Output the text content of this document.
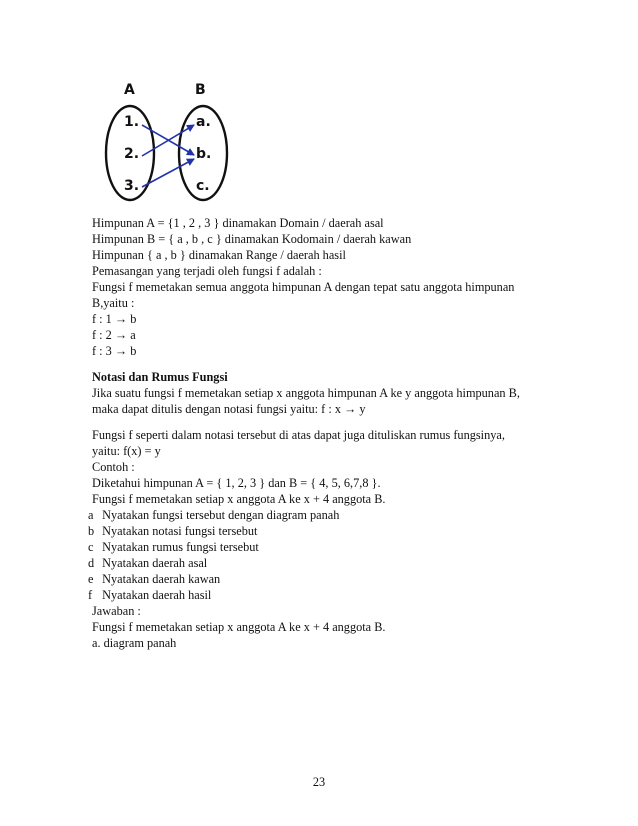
A	B
1.
2.
3.
a.
b.
c.
Himpunan A = {1 , 2 , 3 } dinamakan Domain / daerah asal
Himpunan B = { a , b , c } dinamakan Kodomain / daerah kawan
Himpunan { a , b } dinamakan Range / daerah hasil
Pemasangan yang terjadi oleh fungsi f adalah :
Fungsi f memetakan semua anggota himpunan A dengan tepat satu anggota himpunan
B,yaitu :
f : 1 → b
f : 2 → a
f : 3 → b
Notasi dan Rumus Fungsi
Jika suatu fungsi f memetakan setiap x anggota himpunan A ke y anggota himpunan B,
maka dapat ditulis dengan notasi fungsi yaitu: f : x → y
Fungsi f seperti dalam notasi tersebut di atas dapat juga dituliskan rumus fungsinya,
yaitu: f(x) = y
Contoh :
Diketahui himpunan A = { 1, 2, 3 } dan B = { 4, 5, 6,7,8 }.
Fungsi f memetakan setiap x anggota A ke x + 4 anggota B.
a Nyatakan fungsi tersebut dengan diagram panah
b Nyatakan notasi fungsi tersebut
c Nyatakan rumus fungsi tersebut
d Nyatakan daerah asal
e Nyatakan daerah kawan
f Nyatakan daerah hasil
Jawaban :
Fungsi f memetakan setiap x anggota A ke x + 4 anggota B.
a. diagram panah
23
